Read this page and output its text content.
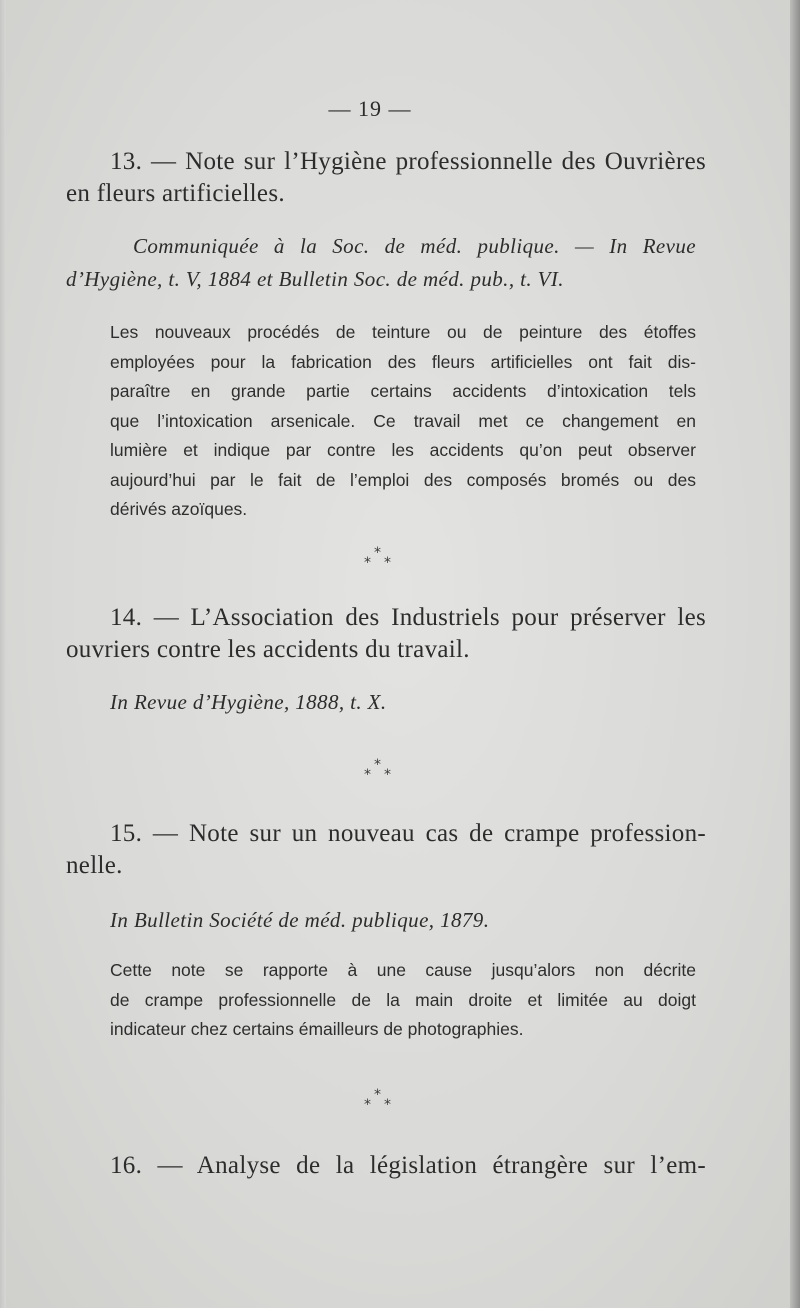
— 19 —
13. — Note sur l’Hygiène professionnelle des Ouvrières
en fleurs artificielles.
Communiquée à la Soc. de méd. publique. — In Revue
d’Hygiène, t. V, 1884 et Bulletin Soc. de méd. pub., t. VI.
Les nouveaux procédés de teinture ou de peinture des étoffes
employées pour la fabrication des fleurs artificielles ont fait dis-
paraître en grande partie certains accidents d’intoxication tels
que l’intoxication arsenicale. Ce travail met ce changement en
lumière et indique par contre les accidents qu’on peut observer
aujourd’hui par le fait de l’emploi des composés bromés ou des
dérivés azoïques.
*
* *
14. — L’Association des Industriels pour préserver les
ouvriers contre les accidents du travail.
In Revue d’Hygiène, 1888, t. X.
*
* *
15. — Note sur un nouveau cas de crampe profession-
nelle.
In Bulletin Société de méd. publique, 1879.
Cette note se rapporte à une cause jusqu’alors non décrite
de crampe professionnelle de la main droite et limitée au doigt
indicateur chez certains émailleurs de photographies.
*
* *
16. — Analyse de la législation étrangère sur l’em-
